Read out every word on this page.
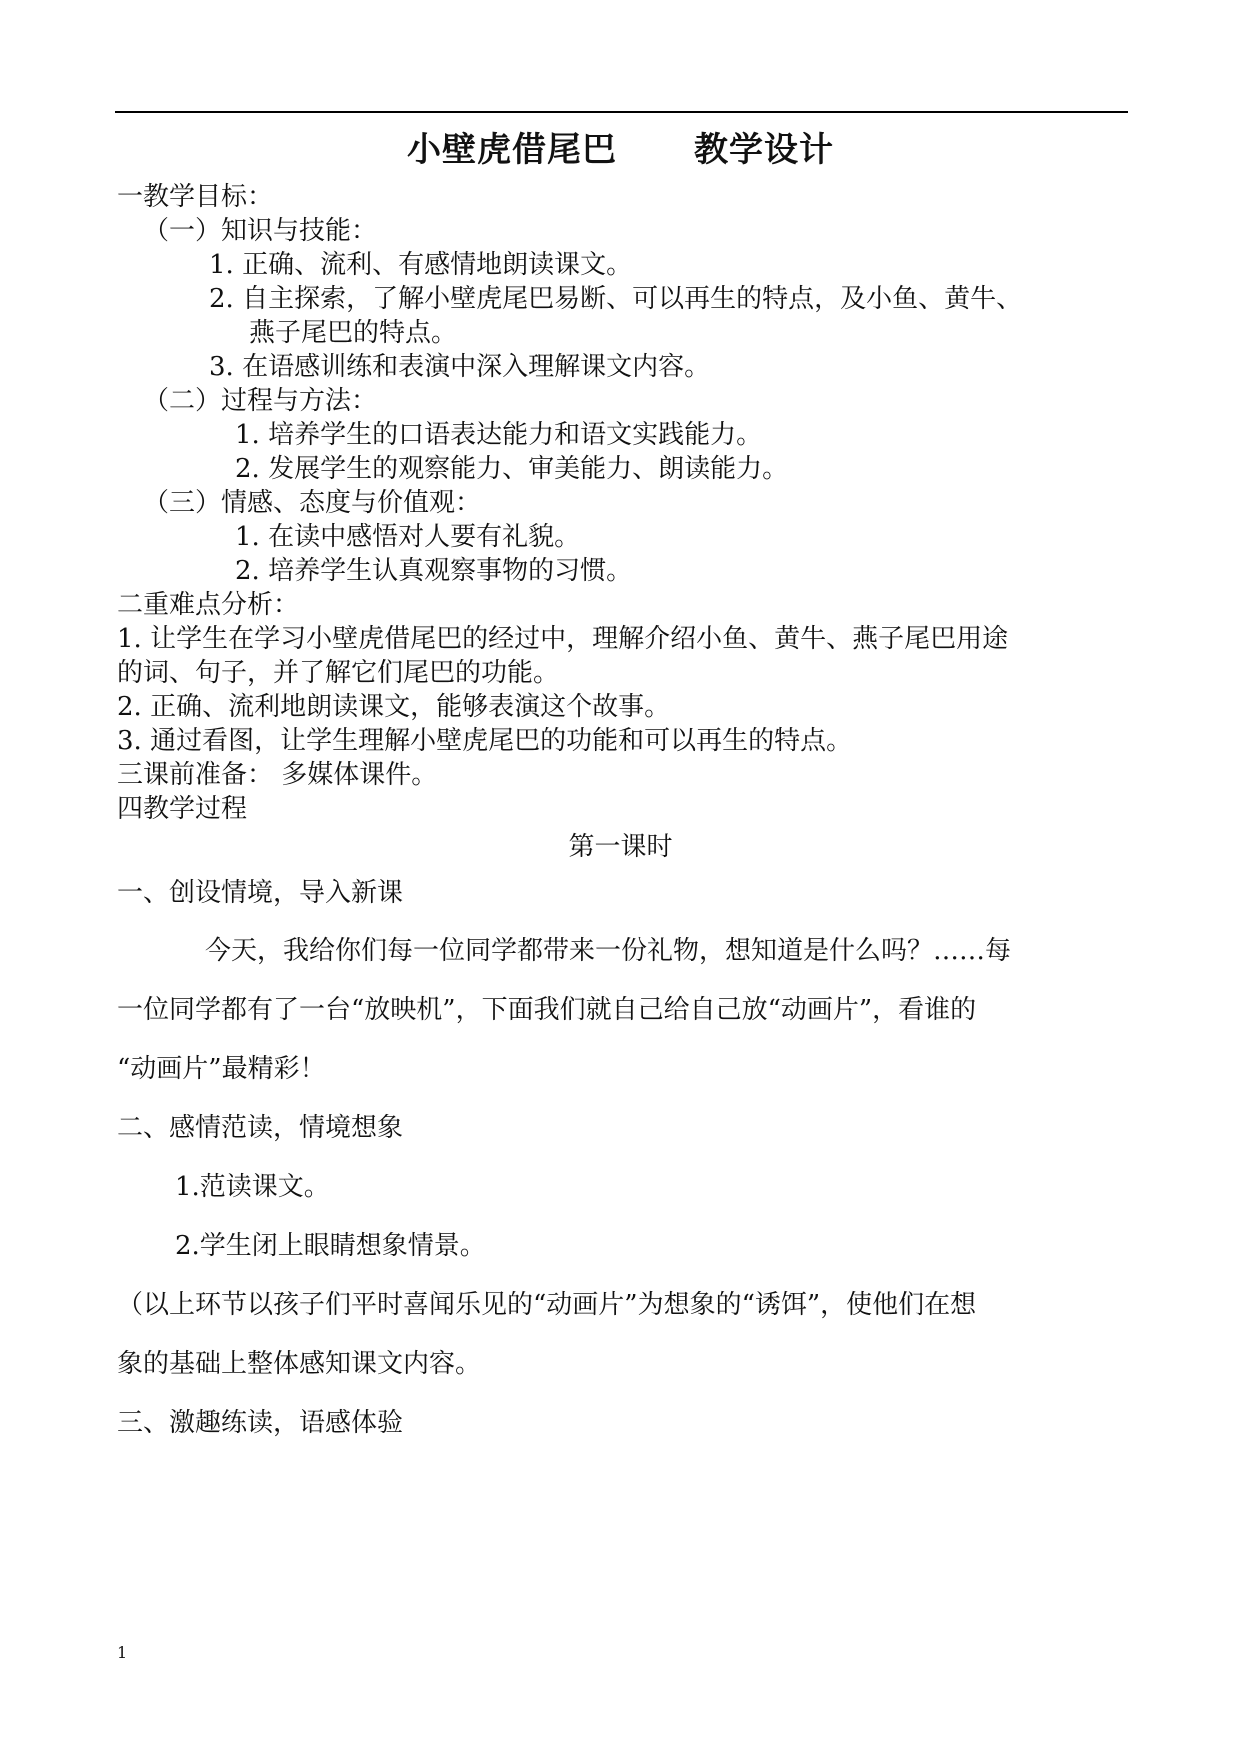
小壁虎借尾巴      教学设计
一教学目标：
（一）知识与技能：
1. 正确、流利、有感情地朗读课文。
2. 自主探索，了解小壁虎尾巴易断、可以再生的特点，及小鱼、黄牛、
燕子尾巴的特点。
3. 在语感训练和表演中深入理解课文内容。
（二）过程与方法：
1. 培养学生的口语表达能力和语文实践能力。
2. 发展学生的观察能力、审美能力、朗读能力。
（三）情感、态度与价值观：
1. 在读中感悟对人要有礼貌。
2. 培养学生认真观察事物的习惯。
二重难点分析：
1. 让学生在学习小壁虎借尾巴的经过中，理解介绍小鱼、黄牛、燕子尾巴用途
的词、句子，并了解它们尾巴的功能。
2. 正确、流利地朗读课文，能够表演这个故事。
3. 通过看图，让学生理解小壁虎尾巴的功能和可以再生的特点。
三课前准备： 多媒体课件。
四教学过程
第一课时
一、创设情境，导入新课
今天，我给你们每一位同学都带来一份礼物，想知道是什么吗？……每
一位同学都有了一台“放映机”，下面我们就自己给自己放“动画片”，看谁的
“动画片”最精彩！
二、感情范读，情境想象
1.范读课文。
2.学生闭上眼睛想象情景。
（以上环节以孩子们平时喜闻乐见的“动画片”为想象的“诱饵”，使他们在想
象的基础上整体感知课文内容。
三、激趣练读，语感体验
1
